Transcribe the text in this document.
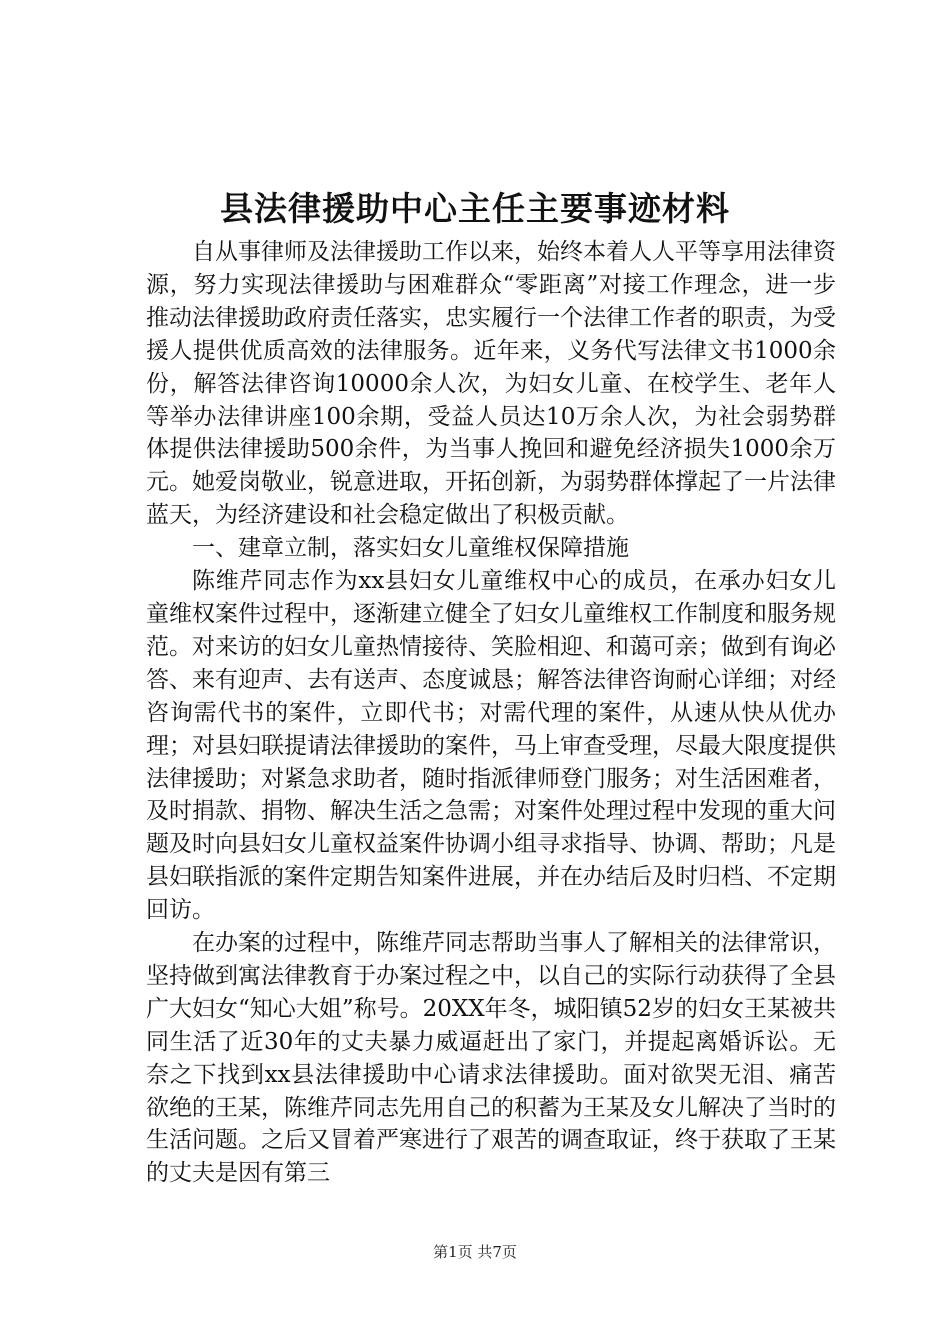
县法律援助中心主任主要事迹材料

自从事律师及法律援助工作以来，始终本着人人平等享用法律资源，努力实现法律援助与困难群众“零距离”对接工作理念，进一步推动法律援助政府责任落实，忠实履行一个法律工作者的职责，为受援人提供优质高效的法律服务。近年来，义务代写法律文书1000余份，解答法律咨询10000余人次，为妇女儿童、在校学生、老年人等举办法律讲座100余期，受益人员达10万余人次，为社会弱势群体提供法律援助500余件，为当事人挽回和避免经济损失1000余万元。她爱岗敬业，锐意进取，开拓创新，为弱势群体撑起了一片法律蓝天，为经济建设和社会稳定做出了积极贡献。

一、建章立制，落实妇女儿童维权保障措施

陈维芹同志作为xx县妇女儿童维权中心的成员，在承办妇女儿童维权案件过程中，逐渐建立健全了妇女儿童维权工作制度和服务规范。对来访的妇女儿童热情接待、笑脸相迎、和蔼可亲；做到有询必答、来有迎声、去有送声、态度诚恳；解答法律咨询耐心详细；对经咨询需代书的案件，立即代书；对需代理的案件，从速从快从优办理；对县妇联提请法律援助的案件，马上审查受理，尽最大限度提供法律援助；对紧急求助者，随时指派律师登门服务；对生活困难者，及时捐款、捐物、解决生活之急需；对案件处理过程中发现的重大问题及时向县妇女儿童权益案件协调小组寻求指导、协调、帮助；凡是县妇联指派的案件定期告知案件进展，并在办结后及时归档、不定期回访。

在办案的过程中，陈维芹同志帮助当事人了解相关的法律常识，坚持做到寓法律教育于办案过程之中，以自己的实际行动获得了全县广大妇女“知心大姐”称号。20XX年冬，城阳镇52岁的妇女王某被共同生活了近30年的丈夫暴力威逼赶出了家门，并提起离婚诉讼。无奈之下找到xx县法律援助中心请求法律援助。面对欲哭无泪、痛苦欲绝的王某，陈维芹同志先用自己的积蓄为王某及女儿解决了当时的生活问题。之后又冒着严寒进行了艰苦的调查取证，终于获取了王某的丈夫是因有第三

第1页 共7页
